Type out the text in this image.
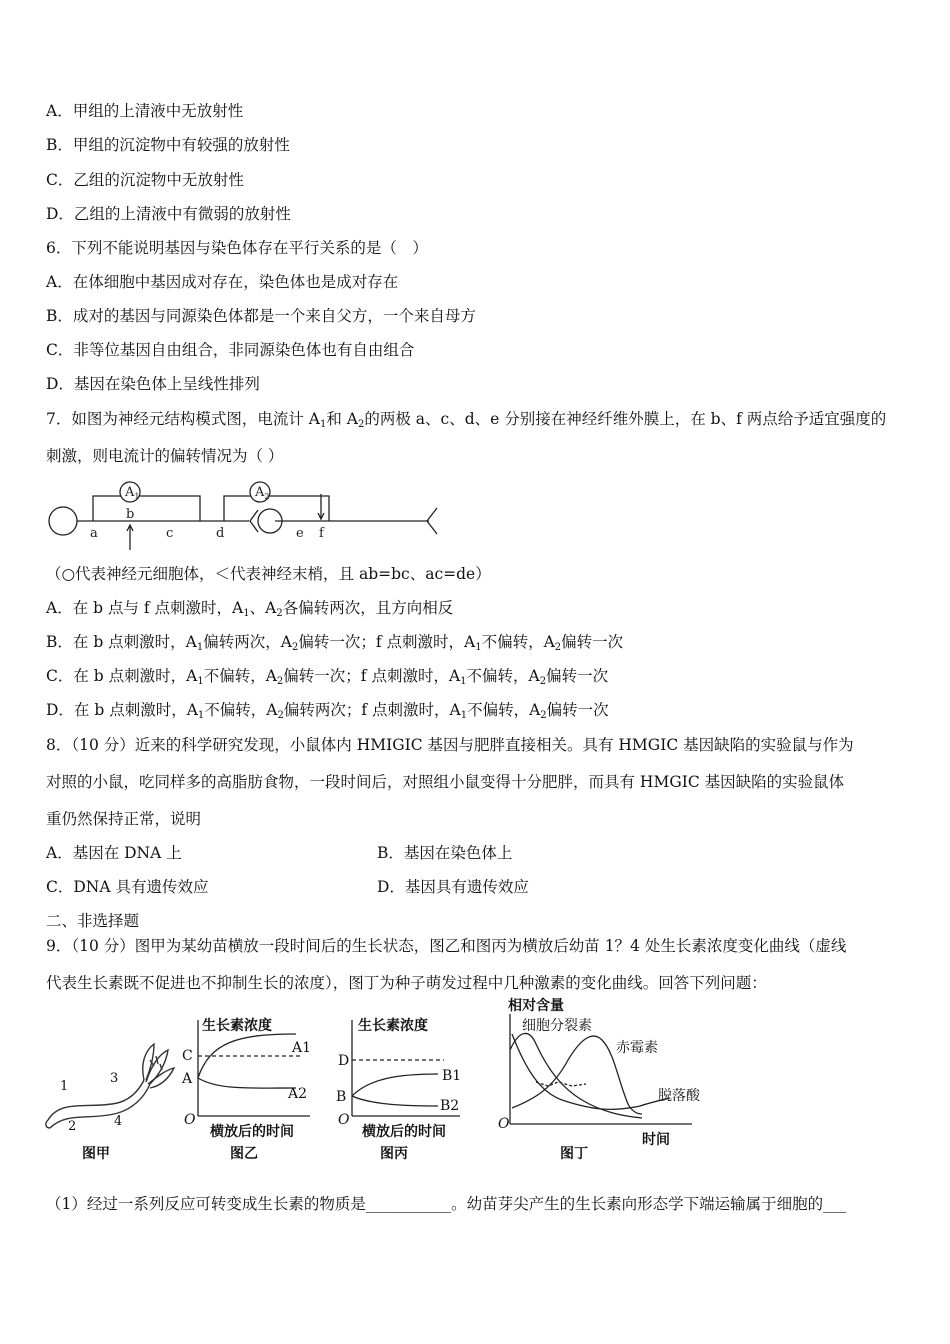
A．甲组的上清液中无放射性
B．甲组的沉淀物中有较强的放射性
C．乙组的沉淀物中无放射性
D．乙组的上清液中有微弱的放射性
6．下列不能说明基因与染色体存在平行关系的是（　）
A．在体细胞中基因成对存在，染色体也是成对存在
B．成对的基因与同源染色体都是一个来自父方，一个来自母方
C．非等位基因自由组合，非同源染色体也有自由组合
D．基因在染色体上呈线性排列
7．如图为神经元结构模式图，电流计 $A_1$和 $A_2$的两极 a、c、d、e 分别接在神经纤维外膜上，在 b、f 两点给予适宜强度的
刺激，则电流计的偏转情况为（ ）
$A_1$	$A_2$
a
b
c	d	e f
（○代表神经元细胞体，＜代表神经末梢，且 ab=bc、ac=de）
A．在 b 点与 f 点刺激时，$A_1$、$A_2$各偏转两次，且方向相反
B．在 b 点刺激时，$A_1$偏转两次，$A_2$偏转一次；f 点刺激时，$A_1$不偏转，$A_2$偏转一次
C．在 b 点刺激时，$A_1$不偏转，$A_2$偏转一次；f 点刺激时，$A_1$不偏转，$A_2$偏转一次
D．在 b 点刺激时，$A_1$不偏转，$A_2$偏转两次；f 点刺激时，$A_1$不偏转，$A_2$偏转一次
8．（10 分）近来的科学研究发现，小鼠体内 HMIGIC 基因与肥胖直接相关。具有 HMGIC 基因缺陷的实验鼠与作为
对照的小鼠，吃同样多的高脂肪食物，一段时间后，对照组小鼠变得十分肥胖，而具有 HMGIC 基因缺陷的实验鼠体
重仍然保持正常，说明
A．基因在 DNA 上	B．基因在染色体上
C．DNA 具有遗传效应	D．基因具有遗传效应
二、非选择题
9．（10 分）图甲为某幼苗横放一段时间后的生长状态，图乙和图丙为横放后幼苗 1？4 处生长素浓度变化曲线（虚线
代表生长素既不促进也不抑制生长的浓度），图丁为种子萌发过程中几种激素的变化曲线。回答下列问题：
1
2
3
4
图甲
生长素浓度
C
A
A1
A2
O
横放后的时间
图乙
生长素浓度
D
B
B1
B2
O
横放后的时间
图丙
相对含量
细胞分裂素
赤霉素
脱落酸
O
时间
图丁
（1）经过一系列反应可转变成生长素的物质是___________。幼苗芽尖产生的生长素向形态学下端运输属于细胞的___
